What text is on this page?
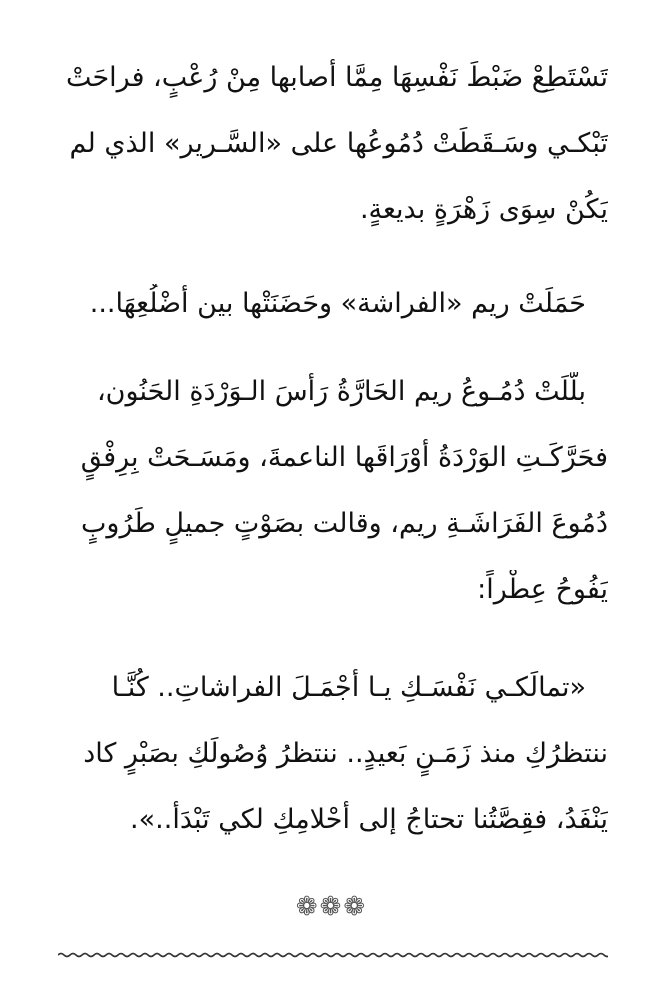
تَسْتَطِعْ ضَبْطَ نَفْسِهَا مِمَّا أصابها مِنْ رُعْبٍ، فراحَتْ
تَبْكـي وسَـقَطَتْ دُمُوعُها على «السَّـرير» الذي لم
يَكُنْ سِوَى زَهْرَةٍ بديعةٍ.
حَمَلَتْ ريم «الفراشة» وحَضَنَتْها بين أَضْلُعِهَا...
بلَّلَتْ دُمُـوعُ ريم الحَارَّةُ رَأْسَ الـوَرْدَةِ الحَنُون،
فحَرَّكَـتِ الوَرْدَةُ أَوْرَاقَها الناعمةَ، ومَسَـحَتْ بِرِفْقٍ
دُمُوعَ الفَرَاشَـةِ ريم، وقالت بصَوْتٍ جميلٍ طَرُوبٍ
يَفُوحُ عِطْراً:
«تمالَكـي نَفْسَـكِ يـا أَجْمَـلَ الفراشاتِ.. كُنَّـا
ننتظرُكِ منذ زَمَـنٍ بَعيدٍ.. ننتظرُ وُصُولَكِ بصَبْرٍ كاد
يَنْفَدُ، فقِصَّتُنا تحتاجُ إلى أَحْلامِكِ لكي تَبْدَأ..».
❁❁❁
